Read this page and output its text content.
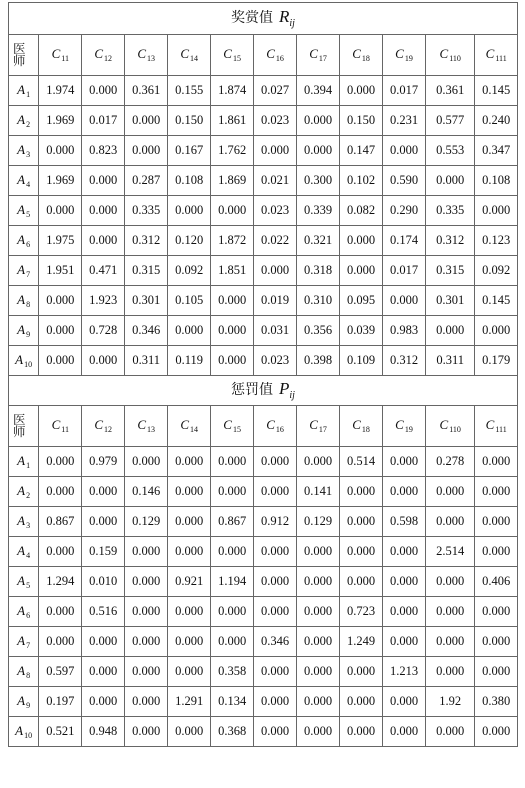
奖赏值 $R_{ij}$

医
师	$C_{11}$	$C_{12}$	$C_{13}$	$C_{14}$	$C_{15}$	$C_{16}$	$C_{17}$	$C_{18}$	$C_{19}$	$C_{110}$	$C_{111}$
$A_1$	1.974	0.000	0.361	0.155	1.874	0.027	0.394	0.000	0.017	0.361	0.145
$A_2$	1.969	0.017	0.000	0.150	1.861	0.023	0.000	0.150	0.231	0.577	0.240
$A_3$	0.000	0.823	0.000	0.167	1.762	0.000	0.000	0.147	0.000	0.553	0.347
$A_4$	1.969	0.000	0.287	0.108	1.869	0.021	0.300	0.102	0.590	0.000	0.108
$A_5$	0.000	0.000	0.335	0.000	0.000	0.023	0.339	0.082	0.290	0.335	0.000
$A_6$	1.975	0.000	0.312	0.120	1.872	0.022	0.321	0.000	0.174	0.312	0.123
$A_7$	1.951	0.471	0.315	0.092	1.851	0.000	0.318	0.000	0.017	0.315	0.092
$A_8$	0.000	1.923	0.301	0.105	0.000	0.019	0.310	0.095	0.000	0.301	0.145
$A_9$	0.000	0.728	0.346	0.000	0.000	0.031	0.356	0.039	0.983	0.000	0.000
$A_{10}$	0.000	0.000	0.311	0.119	0.000	0.023	0.398	0.109	0.312	0.311	0.179
惩罚值 $P_{ij}$

医
师	$C_{11}$	$C_{12}$	$C_{13}$	$C_{14}$	$C_{15}$	$C_{16}$	$C_{17}$	$C_{18}$	$C_{19}$	$C_{110}$	$C_{111}$
$A_1$	0.000	0.979	0.000	0.000	0.000	0.000	0.000	0.514	0.000	0.278	0.000
$A_2$	0.000	0.000	0.146	0.000	0.000	0.000	0.141	0.000	0.000	0.000	0.000
$A_3$	0.867	0.000	0.129	0.000	0.867	0.912	0.129	0.000	0.598	0.000	0.000
$A_4$	0.000	0.159	0.000	0.000	0.000	0.000	0.000	0.000	0.000	2.514	0.000
$A_5$	1.294	0.010	0.000	0.921	1.194	0.000	0.000	0.000	0.000	0.000	0.406
$A_6$	0.000	0.516	0.000	0.000	0.000	0.000	0.000	0.723	0.000	0.000	0.000
$A_7$	0.000	0.000	0.000	0.000	0.000	0.346	0.000	1.249	0.000	0.000	0.000
$A_8$	0.597	0.000	0.000	0.000	0.358	0.000	0.000	0.000	1.213	0.000	0.000
$A_9$	0.197	0.000	0.000	1.291	0.134	0.000	0.000	0.000	0.000	1.92	0.380
$A_{10}$	0.521	0.948	0.000	0.000	0.368	0.000	0.000	0.000	0.000	0.000	0.000
